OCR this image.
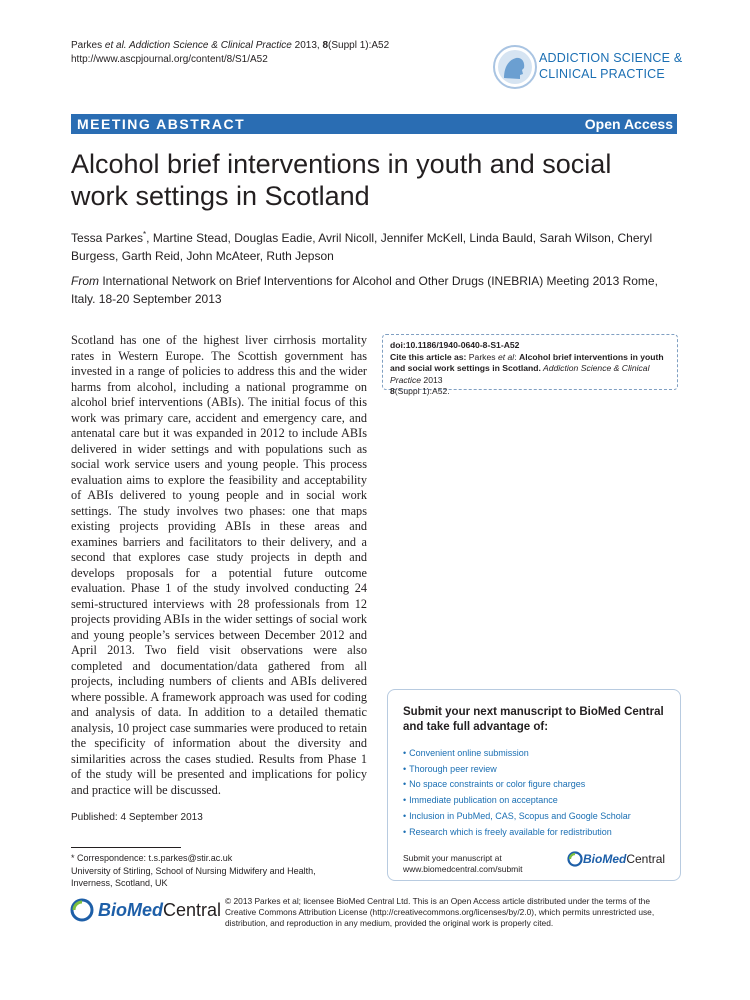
Parkes et al. Addiction Science & Clinical Practice 2013, 8(Suppl 1):A52
http://www.ascpjournal.org/content/8/S1/A52	ADDICTION SCIENCE &
CLINICAL PRACTICE
MEETING ABSTRACT	Open Access
Alcohol brief interventions in youth and social work settings in Scotland
Tessa Parkes*, Martine Stead, Douglas Eadie, Avril Nicoll, Jennifer McKell, Linda Bauld, Sarah Wilson, Cheryl Burgess, Garth Reid, John McAteer, Ruth Jepson
From International Network on Brief Interventions for Alcohol and Other Drugs (INEBRIA) Meeting 2013 Rome, Italy. 18-20 September 2013
Scotland has one of the highest liver cirrhosis mortality rates in Western Europe. The Scottish government has invested in a range of policies to address this and the wider harms from alcohol, including a national programme on alcohol brief interventions (ABIs). The initial focus of this work was primary care, accident and emergency care, and antenatal care but it was expanded in 2012 to include ABIs delivered in wider settings and with populations such as social work service users and young people. This process evaluation aims to explore the feasibility and acceptability of ABIs delivered to young people and in social work settings. The study involves two phases: one that maps existing projects providing ABIs in these areas and examines barriers and facilitators to their delivery, and a second that explores case study projects in depth and develops proposals for a potential future outcome evaluation. Phase 1 of the study involved conducting 24 semi-structured interviews with 28 professionals from 12 projects providing ABIs in the wider settings of social work and young people’s services between December 2012 and April 2013. Two field visit observations were also completed and documentation/data gathered from all projects, including numbers of clients and ABIs delivered where possible. A framework approach was used for coding and analysis of data. In addition to a detailed thematic analysis, 10 project case summaries were produced to retain the specificity of information about the diversity and similarities across the cases studied. Results from Phase 1 of the study will be presented and implications for policy and practice will be discussed.
Published: 4 September 2013
* Correspondence: t.s.parkes@stir.ac.uk
University of Stirling, School of Nursing Midwifery and Health, Inverness, Scotland, UK
doi:10.1186/1940-0640-8-S1-A52
Cite this article as: Parkes et al: Alcohol brief interventions in youth and social work settings in Scotland. Addiction Science & Clinical Practice 2013
8(Suppl 1):A52.
Submit your next manuscript to BioMed Central and take full advantage of:
• Convenient online submission
• Thorough peer review
• No space constraints or color figure charges
• Immediate publication on acceptance
• Inclusion in PubMed, CAS, Scopus and Google Scholar
• Research which is freely available for redistribution
Submit your manuscript at
www.biomedcentral.com/submit
BioMed Central
BioMed Central © 2013 Parkes et al; licensee BioMed Central Ltd. This is an Open Access article distributed under the terms of the Creative Commons Attribution License (http://creativecommons.org/licenses/by/2.0), which permits unrestricted use, distribution, and reproduction in any medium, provided the original work is properly cited.
